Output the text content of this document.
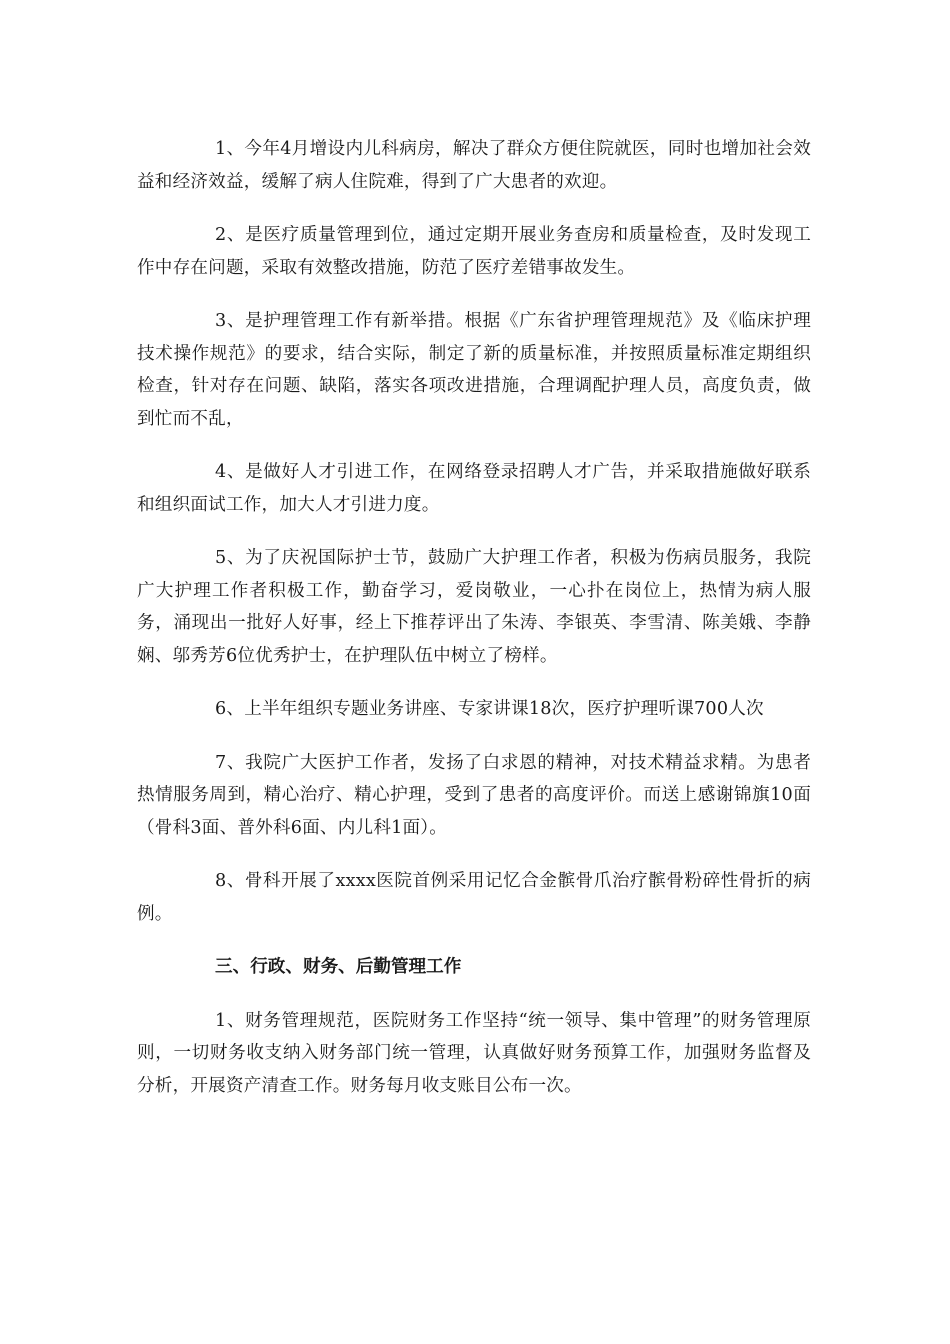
1、今年4月增设内儿科病房，解决了群众方便住院就医，同时也增加社会效益和经济效益，缓解了病人住院难，得到了广大患者的欢迎。

2、是医疗质量管理到位，通过定期开展业务查房和质量检查，及时发现工作中存在问题，采取有效整改措施，防范了医疗差错事故发生。

3、是护理管理工作有新举措。根据《广东省护理管理规范》及《临床护理技术操作规范》的要求，结合实际，制定了新的质量标准，并按照质量标准定期组织检查，针对存在问题、缺陷，落实各项改进措施，合理调配护理人员，高度负责，做到忙而不乱，

4、是做好人才引进工作，在网络登录招聘人才广告，并采取措施做好联系和组织面试工作，加大人才引进力度。

5、为了庆祝国际护士节，鼓励广大护理工作者，积极为伤病员服务，我院广大护理工作者积极工作，勤奋学习，爱岗敬业，一心扑在岗位上，热情为病人服务，涌现出一批好人好事，经上下推荐评出了朱涛、李银英、李雪清、陈美娥、李静娴、邬秀芳6位优秀护士，在护理队伍中树立了榜样。

6、上半年组织专题业务讲座、专家讲课18次，医疗护理听课700人次

7、我院广大医护工作者，发扬了白求恩的精神，对技术精益求精。为患者热情服务周到，精心治疗、精心护理，受到了患者的高度评价。而送上感谢锦旗10面（骨科3面、普外科6面、内儿科1面）。

8、骨科开展了xxxx医院首例采用记忆合金髌骨爪治疗髌骨粉碎性骨折的病例。

三、行政、财务、后勤管理工作

1、财务管理规范，医院财务工作坚持“统一领导、集中管理”的财务管理原则，一切财务收支纳入财务部门统一管理，认真做好财务预算工作，加强财务监督及分析，开展资产清查工作。财务每月收支账目公布一次。
